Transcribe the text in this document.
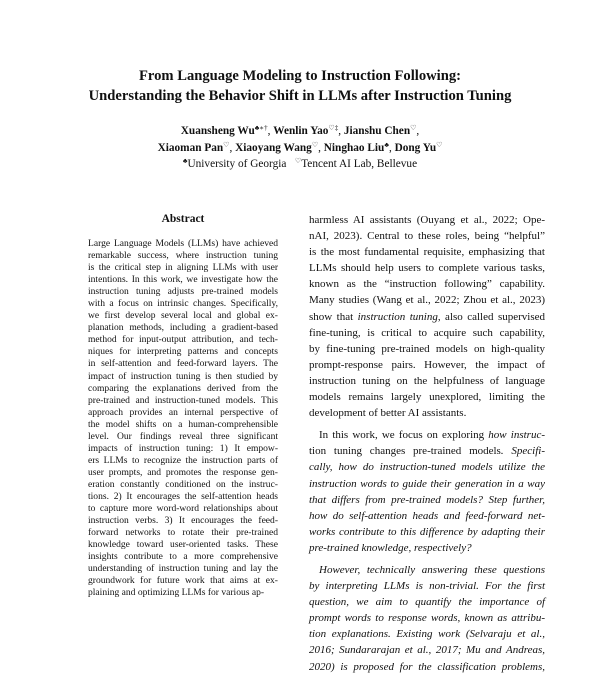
From Language Modeling to Instruction Following:
Understanding the Behavior Shift in LLMs after Instruction Tuning
Xuansheng Wu♣∗†, Wenlin Yao♡‡, Jianshu Chen♡,
Xiaoman Pan♡, Xiaoyang Wang♡, Ninghao Liu♣, Dong Yu♡
♣University of Georgia ♡Tencent AI Lab, Bellevue
Abstract
Large Language Models (LLMs) have achieved
remarkable success, where instruction tuning
is the critical step in aligning LLMs with user
intentions. In this work, we investigate how the
instruction tuning adjusts pre-trained models
with a focus on intrinsic changes. Specifically,
we first develop several local and global ex-
planation methods, including a gradient-based
method for input-output attribution, and tech-
niques for interpreting patterns and concepts
in self-attention and feed-forward layers. The
impact of instruction tuning is then studied by
comparing the explanations derived from the
pre-trained and instruction-tuned models. This
approach provides an internal perspective of
the model shifts on a human-comprehensible
level. Our findings reveal three significant
impacts of instruction tuning: 1) It empow-
ers LLMs to recognize the instruction parts of
user prompts, and promotes the response gen-
eration constantly conditioned on the instruc-
tions. 2) It encourages the self-attention heads
to capture more word-word relationships about
instruction verbs. 3) It encourages the feed-
forward networks to rotate their pre-trained
knowledge toward user-oriented tasks. These
insights contribute to a more comprehensive
understanding of instruction tuning and lay the
groundwork for future work that aims at ex-
plaining and optimizing LLMs for various ap-
harmless AI assistants (Ouyang et al., 2022; Ope-
nAI, 2023). Central to these roles, being “helpful”
is the most fundamental requisite, emphasizing that
LLMs should help users to complete various tasks,
known as the “instruction following” capability.
Many studies (Wang et al., 2022; Zhou et al., 2023)
show that instruction tuning, also called supervised
fine-tuning, is critical to acquire such capability,
by fine-tuning pre-trained models on high-quality
prompt-response pairs. However, the impact of
instruction tuning on the helpfulness of language
models remains largely unexplored, limiting the
development of better AI assistants.
In this work, we focus on exploring how instruc-
tion tuning changes pre-trained models. Specifi-
cally, how do instruction-tuned models utilize the
instruction words to guide their generation in a way
that differs from pre-trained models? Step further,
how do self-attention heads and feed-forward net-
works contribute to this difference by adapting their
pre-trained knowledge, respectively?
However, technically answering these questions
by interpreting LLMs is non-trivial. For the first
question, we aim to quantify the importance of
prompt words to response words, known as attribu-
tion explanations. Existing work (Selvaraju et al.,
2016; Sundararajan et al., 2017; Mu and Andreas,
2020) is proposed for the classification problems,
